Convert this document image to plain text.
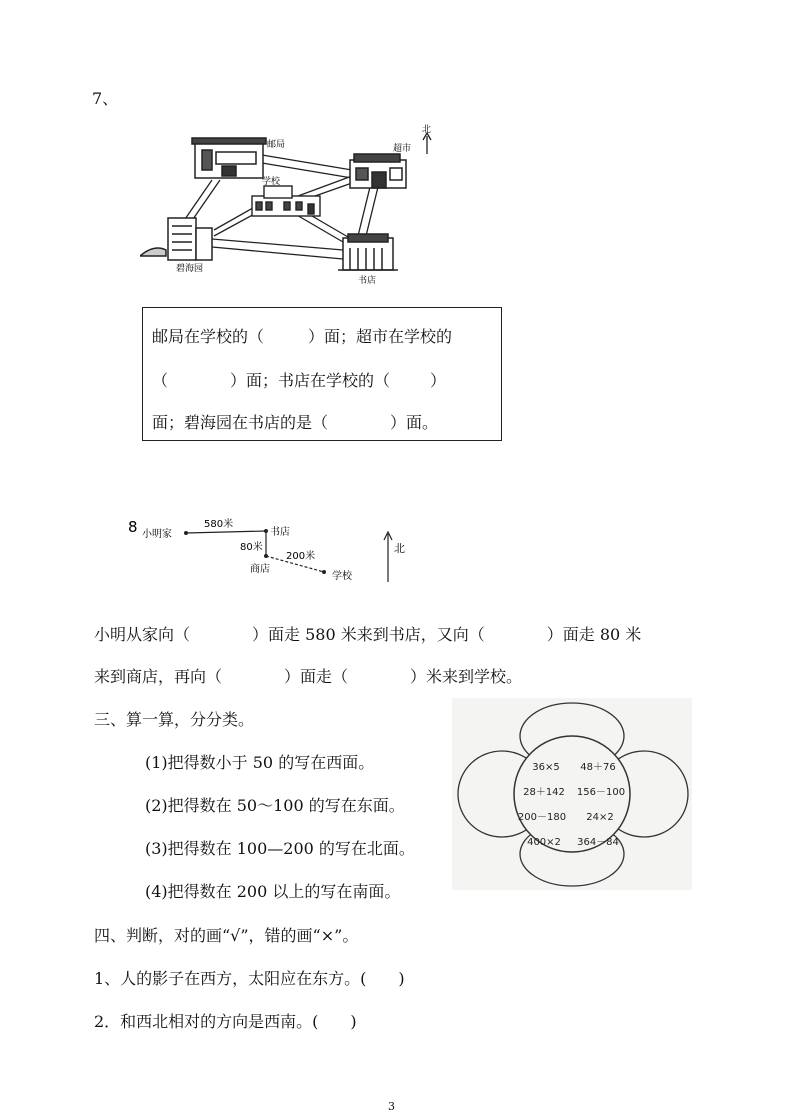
7、
邮局	超市
学校
碧海园
书店
北
邮局在学校的（	）面；超市在学校的
（	）面；书店在学校的（	）
面；碧海园在书店的是（	）面。
8 小明家
580米
书店
80米
商店
200米
学校
北
小明从家向（	）面走 580 米来到书店，又向（	）面走 80 米
来到商店，再向（	）面走（	）米来到学校。
三、算一算，分分类。
(1)把得数小于 50 的写在西面。
(2)把得数在 50～100 的写在东面。
(3)把得数在 100—200 的写在北面。
(4)把得数在 200 以上的写在南面。
36×5 48＋76
28＋142 156－100
200－180 24×2
400×2 364－84
四、判断，对的画“√”，错的画“×”。
1、人的影子在西方，太阳应在东方。(　　)
2．和西北相对的方向是西南。(　　)
3
